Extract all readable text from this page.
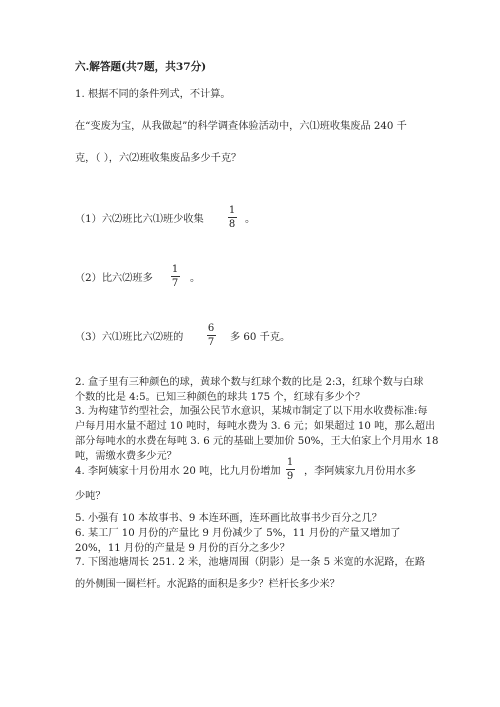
六.解答题(共7题，共37分)
1. 根据不同的条件列式，不计算。
在“变废为宝，从我做起”的科学调查体验活动中，六⑴班收集废品 240 千
克，（ ），六⑵班收集废品多少千克？
（1）六⑵班比六⑴班少收集
1
8 。
（2）比六⑵班多
1
7 。
（3）六⑴班比六⑵班的
6
7 多 60 千克。
2. 盒子里有三种颜色的球，黄球个数与红球个数的比是 2:3，红球个数与白球
个数的比是 4:5。已知三种颜色的球共 175 个，红球有多少个？
3. 为构建节约型社会，加强公民节水意识，某城市制定了以下用水收费标准:每
户每月用水量不超过 10 吨时，每吨水费为 3. 6 元；如果超过 10 吨，那么超出
部分每吨水的水费在每吨 3. 6 元的基础上要加价 50%，王大伯家上个月用水 18
吨，需缴水费多少元？
4. 李阿姨家十月份用水 20 吨，比九月份增加
1
9 ，李阿姨家九月份用水多
少吨？
5. 小强有 10 本故事书、9 本连环画，连环画比故事书少百分之几？
6. 某工厂 10 月份的产量比 9 月份减少了 5%，11 月份的产量又增加了
20%，11 月份的产量是 9 月份的百分之多少？
7. 下图池塘周长 251. 2 米，池塘周围（阴影）是一条 5 米宽的水泥路，在路
的外侧围一圈栏杆。水泥路的面积是多少？栏杆长多少米？
